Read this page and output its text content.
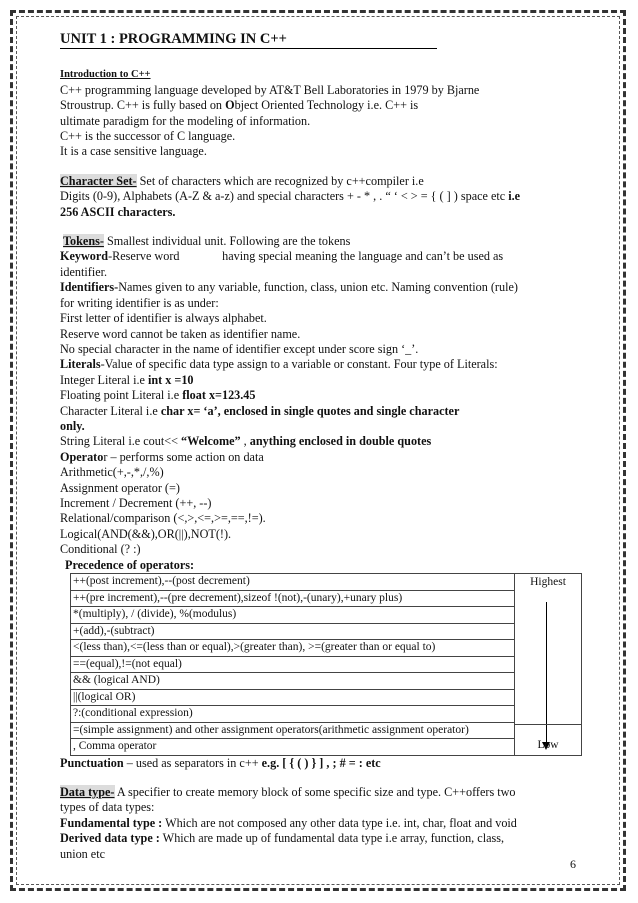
UNIT 1 : PROGRAMMING IN C++

Introduction to C++

C++ programming language developed by AT&T Bell Laboratories in 1979 by Bjarne

Stroustrup. C++ is fully based on Object Oriented Technology i.e. C++ is

ultimate paradigm for the modeling of information.

C++ is the successor of C language.

It is a case sensitive language.

Character Set- Set of characters which are recognized by c++compiler i.e

Digits (0-9), Alphabets (A-Z & a-z) and special characters + - * , . “ ‘ < > = { ( ] ) space etc i.e

256 ASCII characters.

Tokens- Smallest individual unit. Following are the tokens

Keyword-Reserve word              having special meaning the language and can’t be used as

identifier.

Identifiers-Names given to any variable, function, class, union etc. Naming convention (rule)

for writing identifier is as under:

First letter of identifier is always alphabet.

Reserve word cannot be taken as identifier name.

No special character in the name of identifier except under score sign ‘_’.

Literals-Value of specific data type assign to a variable or constant. Four type of Literals:

Integer Literal i.e int x =10

Floating point Literal i.e float x=123.45

Character Literal i.e char x= ‘a’, enclosed in single quotes and single character

only.

String Literal i.e cout<< “Welcome” , anything enclosed in double quotes

Operator – performs some action on data

Arithmetic(+,-,*,/,%)

Assignment operator (=)

Increment / Decrement (++, --)

Relational/comparison (<,>,<=,>=,==,!=).

Logical(AND(&&),OR(||),NOT(!).

Conditional (? :)

Precedence of operators:

++(post increment),--(post decrement)	Highest
Low

++(pre increment),--(pre decrement),sizeof !(not),-(unary),+unary plus)
*(multiply), / (divide), %(modulus)
+(add),-(subtract)
<(less than),<=(less than or equal),>(greater than), >=(greater than or equal to)
==(equal),!=(not equal)
&& (logical AND)
||(logical OR)
?:(conditional expression)
=(simple assignment) and other assignment operators(arithmetic assignment operator)
, Comma operator

Punctuation – used as separators in c++ e.g. [ { ( ) } ] , ; # = : etc

Data type- A specifier to create memory block of some specific size and type. C++offers two

types of data types:

Fundamental type : Which are not composed any other data type i.e. int, char, float and void

Derived data type : Which are made up of fundamental data type i.e array, function, class,

union etc

6
